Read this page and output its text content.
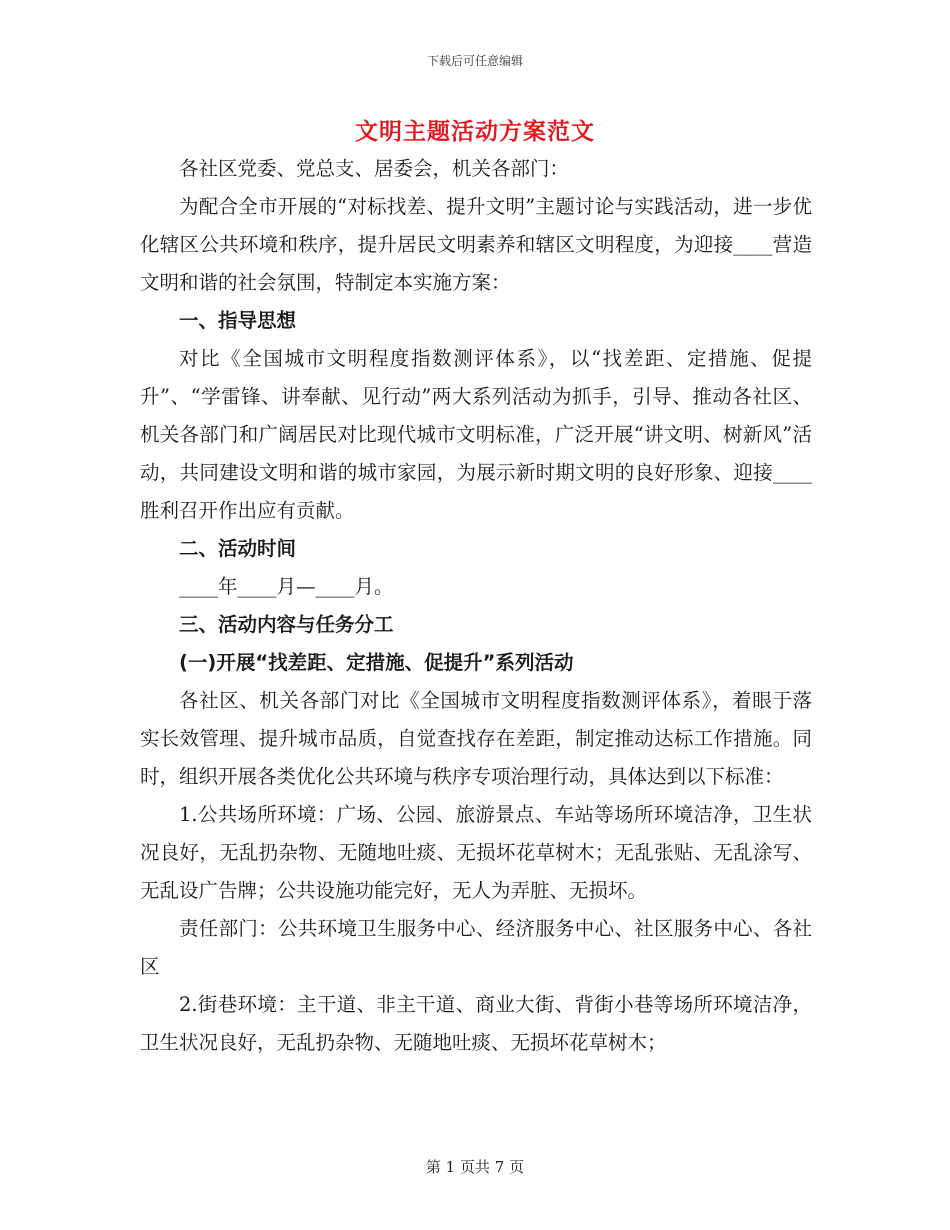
下载后可任意编辑
文明主题活动方案范文

各社区党委、党总支、居委会，机关各部门：

为配合全市开展的“对标找差、提升文明”主题讨论与实践活动，进一步优化辖区公共环境和秩序，提升居民文明素养和辖区文明程度，为迎接____营造文明和谐的社会氛围，特制定本实施方案：

一、指导思想

对比《全国城市文明程度指数测评体系》，以“找差距、定措施、促提升”、“学雷锋、讲奉献、见行动”两大系列活动为抓手，引导、推动各社区、机关各部门和广阔居民对比现代城市文明标准，广泛开展“讲文明、树新风”活动，共同建设文明和谐的城市家园，为展示新时期文明的良好形象、迎接____胜利召开作出应有贡献。

二、活动时间

____年____月—____月。

三、活动内容与任务分工
(一)开展“找差距、定措施、促提升”系列活动

各社区、机关各部门对比《全国城市文明程度指数测评体系》，着眼于落实长效管理、提升城市品质，自觉查找存在差距，制定推动达标工作措施。同时，组织开展各类优化公共环境与秩序专项治理行动，具体达到以下标准：

1.公共场所环境：广场、公园、旅游景点、车站等场所环境洁净，卫生状况良好，无乱扔杂物、无随地吐痰、无损坏花草树木；无乱张贴、无乱涂写、无乱设广告牌；公共设施功能完好，无人为弄脏、无损坏。

责任部门：公共环境卫生服务中心、经济服务中心、社区服务中心、各社区

2.街巷环境：主干道、非主干道、商业大街、背街小巷等场所环境洁净，卫生状况良好，无乱扔杂物、无随地吐痰、无损坏花草树木；

第 1 页共 7 页
